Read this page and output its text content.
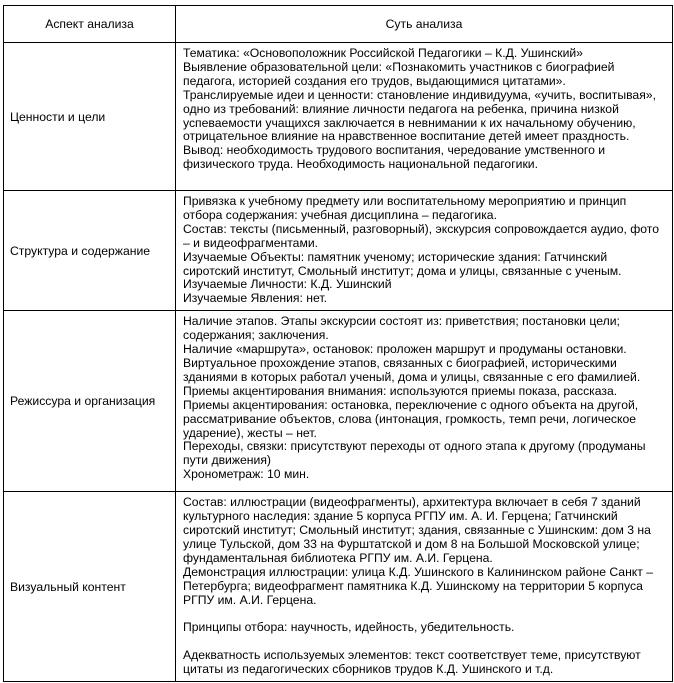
Аспект анализа	Суть анализа
Ценности и цели	Тематика: «Основоположник Российской Педагогики – К.Д. Ушинский»
Выявление образовательной цели: «Познакомить участников с биографией педагога, историей создания его трудов, выдающимися цитатами».
Транслируемые идеи и ценности: становление индивидуума, «учить, воспитывая», одно из требований: влияние личности педагога на ребенка, причина низкой успеваемости учащихся заключается в невнимании к их начальному обучению, отрицательное влияние на нравственное воспитание детей имеет праздность.
Вывод: необходимость трудового воспитания, чередование умственного и физического труда. Необходимость национальной педагогики.

Структура и содержание	Привязка к учебному предмету или воспитательному мероприятию и принцип отбора содержания: учебная дисциплина – педагогика.
Состав: тексты (письменный, разговорный), экскурсия сопровождается аудио, фото – и видеофрагментами.
Изучаемые Объекты: памятник ученому; исторические здания: Гатчинский сиротский институт, Смольный институт; дома и улицы, связанные с ученым.
Изучаемые Личности: К.Д. Ушинский
Изучаемые Явления: нет.

Режиссура и организация	Наличие этапов. Этапы экскурсии состоят из: приветствия; постановки цели; содержания; заключения.
Наличие «маршрута», остановок: проложен маршрут и продуманы остановки. Виртуальное прохождение этапов, связанных с биографией, историческими зданиями в которых работал ученый, дома и улицы, связанные с его фамилией.
Приемы акцентирования внимания: используются приемы показа, рассказа. Приемы акцентирования: остановка, переключение с одного объекта на другой, рассматривание объектов, слова (интонация, громкость, темп речи, логическое ударение), жесты – нет.
Переходы, связки: присутствуют переходы от одного этапа к другому (продуманы пути движения)
Хронометраж: 10 мин.

Визуальный контент	Состав: иллюстрации (видеофрагменты), архитектура включает в себя 7 зданий культурного наследия: здание 5 корпуса РГПУ им. А. И. Герцена; Гатчинский сиротский институт; Смольный институт; здания, связанные с Ушинским: дом 3 на улице Тульской, дом 33 на Фурштатской и дом 8 на Большой Московской улице; фундаментальная библиотека РГПУ им. А.И. Герцена.
Демонстрация иллюстрации: улица К.Д. Ушинского в Калининском районе Санкт – Петербурга; видеофрагмент памятника К.Д. Ушинскому на территории 5 корпуса РГПУ им. А.И. Герцена.
Принципы отбора: научность, идейность, убедительность.
Адекватность используемых элементов: текст соответствует теме, присутствуют цитаты из педагогических сборников трудов К.Д. Ушинского и т.д.
